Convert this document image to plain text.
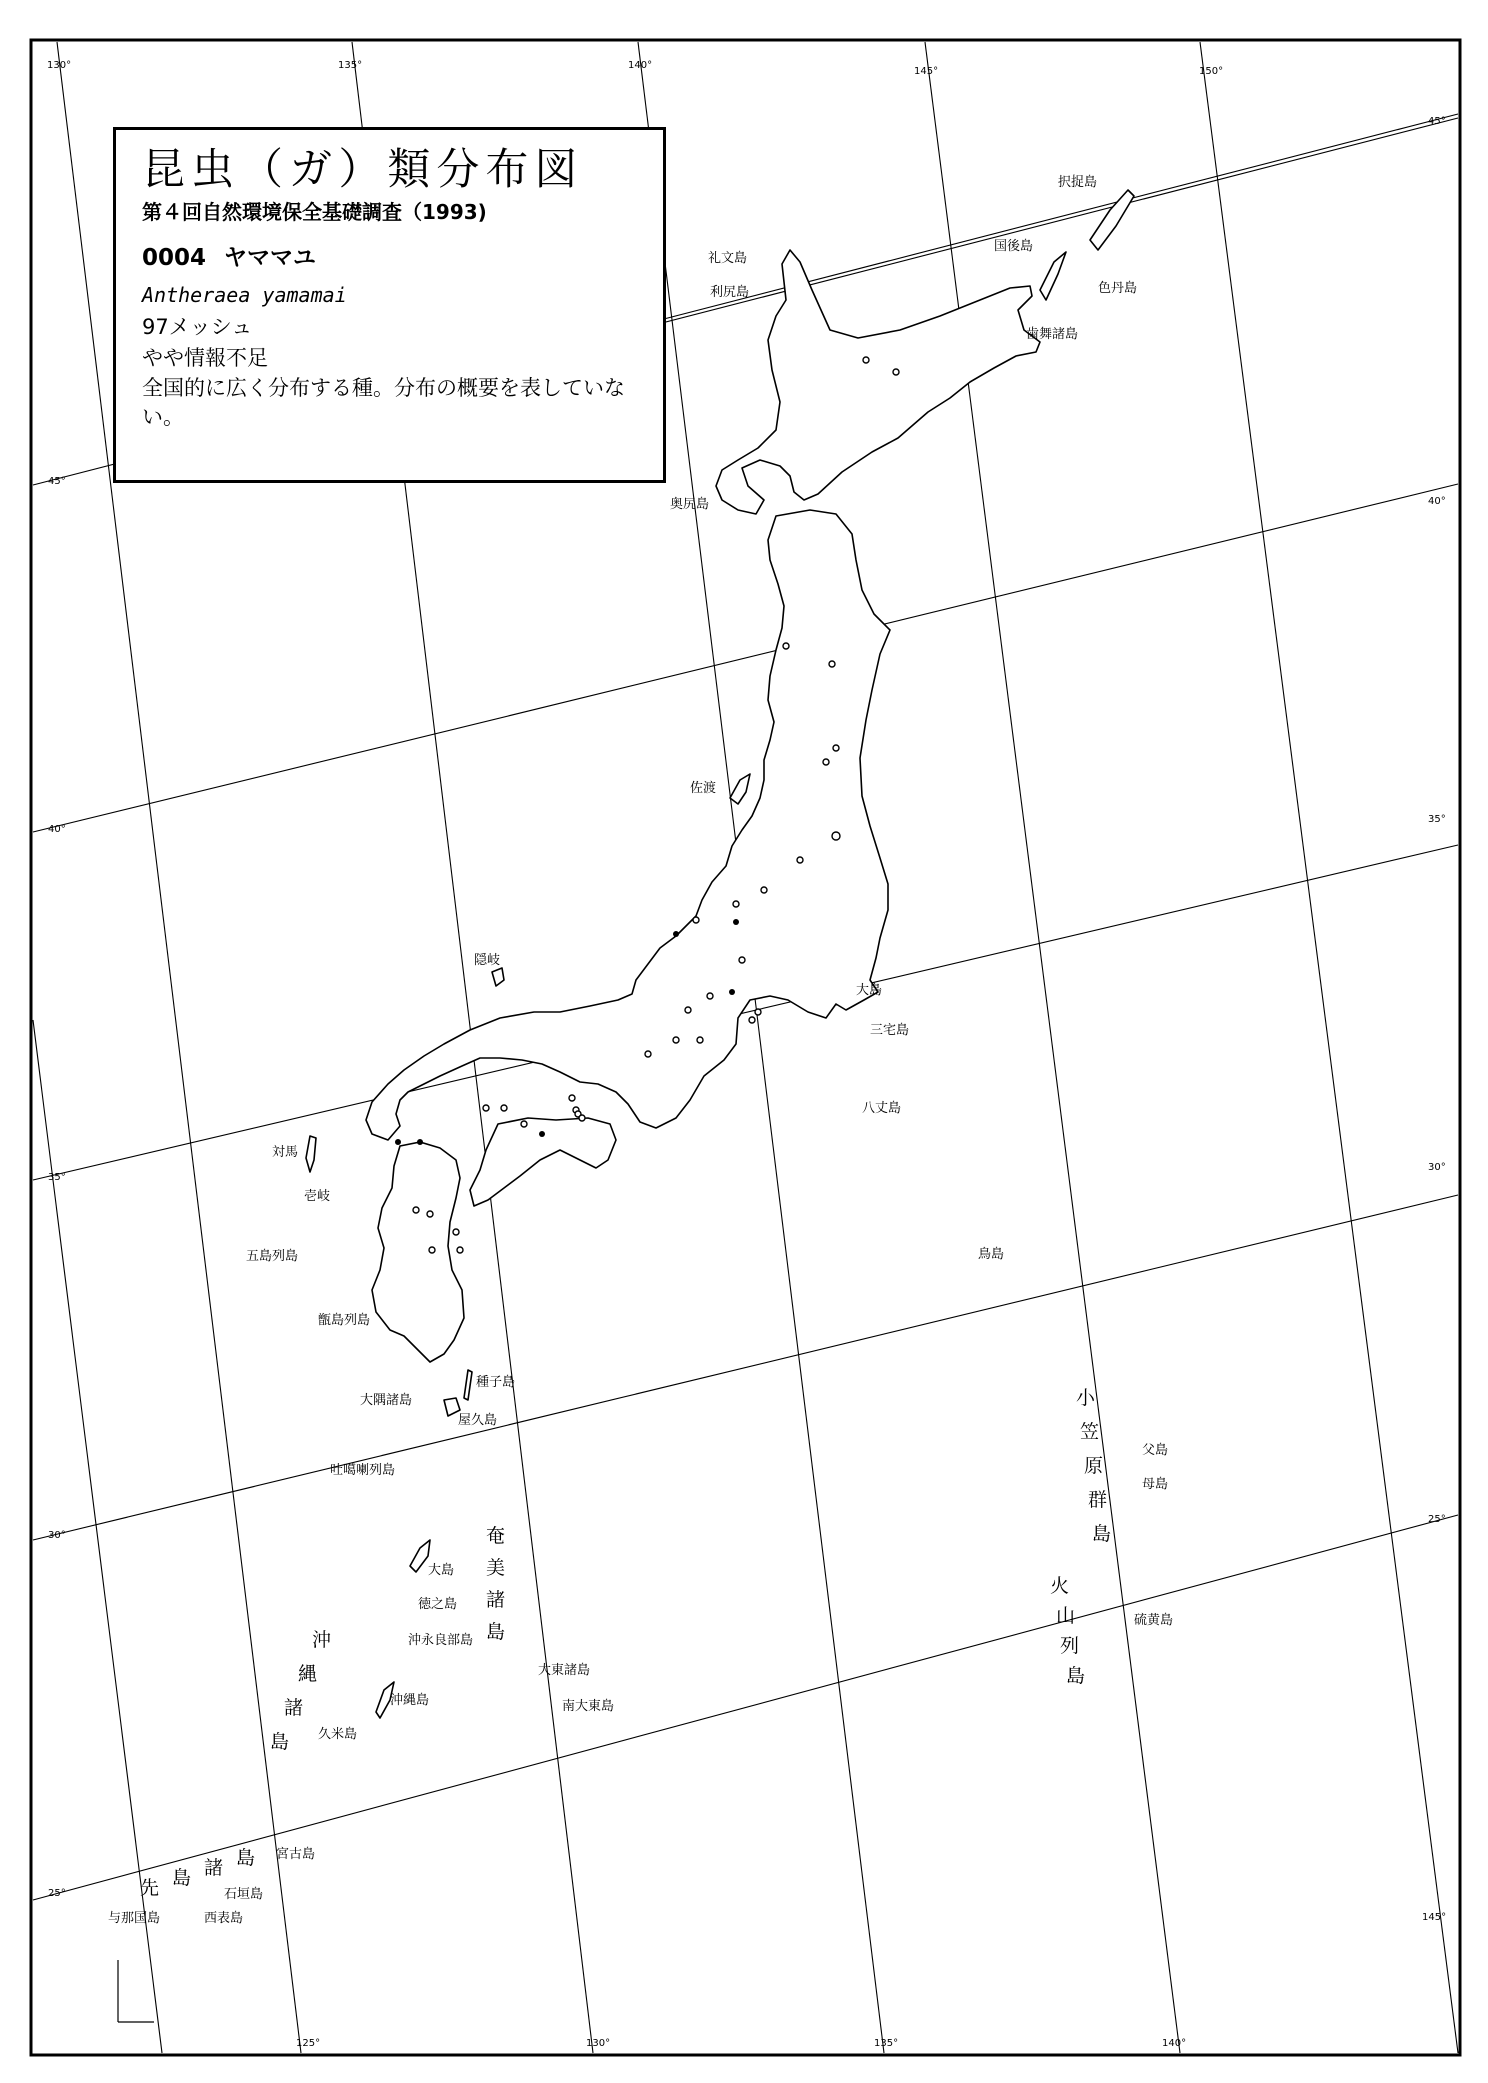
130°	135°	140°
145°	150°
125°	130°	135°	140°
45°
40°
35°
30°
25°
45°
40°
35°
30°
25°
145°
択捉島
国後島
色丹島
歯舞諸島
礼文島
利尻島
奥尻島
佐渡
隠岐
大島
三宅島
八丈島
鳥島
対馬
壱岐
五島列島
甑島列島
種子島
大隅諸島
屋久島
吐噶喇列島
大島
徳之島
沖永良部島
沖縄島
久米島
大東諸島
南大東島
父島
母島
硫黄島
宮古島
石垣島
与那国島	西表島
奄
美
諸
島
沖
縄
諸
島
小
笠
原
群
島
火
山
列
島
先 島 諸 島
昆虫（ガ）類分布図
第４回自然環境保全基礎調査（1993)
0004 ヤママユ
Antheraea yamamai
97メッシュ
やや情報不足
全国的に広く分布する種。分布の概要を表していない。
